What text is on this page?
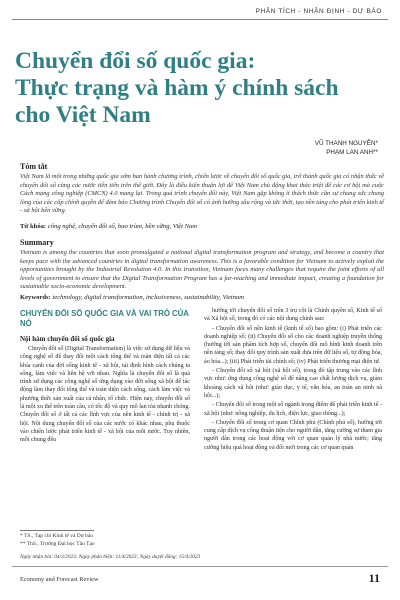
PHÂN TÍCH - NHẬN ĐỊNH - DỰ BÁO
Chuyển đổi số quốc gia:
Thực trạng và hàm ý chính sách
cho Việt Nam
VŨ THANH NGUYÊN*
PHẠM LAN ANH**
Tóm tắt

Việt Nam là một trong những quốc gia sớm ban hành chương trình, chiến lược về chuyển đổi số quốc gia, trở thành quốc gia có nhận thức về chuyển đổi số cùng các nước tiên tiến trên thế giới. Đây là điều kiện thuận lợi để Việt Nam chủ động khai thác triệt để các cơ hội mà cuộc Cách mạng công nghiệp (CMCN) 4.0 mang lại. Trong quá trình chuyển đổi này, Việt Nam gặp không ít thách thức cần sự chung sức chung lòng của các cấp chính quyền để đảm bảo Chương trình Chuyển đổi số có ảnh hưởng sâu rộng và tức thời, tạo nền tảng cho phát triển kinh tế - xã hội bền vững.

Từ khóa: công nghệ, chuyển đổi số, bao trùm, bền vững, Việt Nam
Summary

Vietnam is among the countries that soon promulgated a national digital transformation program and strategy, and become a country that keeps pace with the advanced countries in digital transformation awareness. This is a favorable condition for Vietnam to actively exploit the opportunities brought by the Industrial Revolution 4.0. In this transition, Vietnam faces many challenges that require the joint efforts of all levels of government to ensure that the Digital Transformation Program has a far-reaching and immediate impact, creating a foundation for sustainable socio-economic development.

Keywords: technology, digital transformation, inclusiveness, sustainability, Vietnam
CHUYỂN ĐỔI SỐ QUỐC GIA VÀ VAI TRÒ CỦA NÓ
Nội hàm chuyển đổi số quốc gia

Chuyển đổi số (Digital Transformation) là việc sử dụng dữ liệu và công nghệ số để thay đổi một cách tổng thể và toàn diện tất cả các khía cạnh của đời sống kinh tế - xã hội, tái định hình cách chúng ta sống, làm việc và liên hệ với nhau. Nghĩa là chuyển đổi số là quá trình sử dụng các công nghệ số ứng dụng vào đời sống xã hội để tác động làm thay đổi tổng thể và toàn diện cách sống, cách làm việc và phương thức sản xuất của cá nhân, tổ chức. Hiện nay, chuyển đổi số là một xu thế trên toàn cầu, có tốc độ và quy mô lan tỏa nhanh chóng. Chuyển đổi số ở tất cả các lĩnh vực của nền kinh tế - chính trị - xã hội. Nội dung chuyển đổi số của các nước có khác nhau, phụ thuộc vào chiến lược phát triển kinh tế - xã hội của mỗi nước. Tuy nhiên, mỗi chung đều

hướng tới chuyển đổi số trên 3 trụ cột là Chính quyền số, Kinh tế số và Xã hội số, trong đó có các nội dung chính sau:

- Chuyển đổi số nền kinh tế (kinh tế số) bao gồm: (i) Phát triển các doanh nghiệp số; (ii) Chuyển đổi số cho các doanh nghiệp truyền thống (hướng tới sản phẩm tích hợp số, chuyển đổi mô hình kinh doanh trên nền tảng số; thay đổi quy trình sản xuất dựa trên dữ liệu số, tự động hóa, ảo hóa...); (iii) Phát triển tài chính số; (iv) Phát triển thương mại điện tử.

- Chuyển đổi số xã hội (xã hội số), trong đó tập trung vào các lĩnh vực như: ứng dụng công nghệ số để nâng cao chất lượng dịch vụ, giảm khoảng cách xã hội (như: giáo dục, y tế, văn hóa, an toàn an ninh xã hội...);

- Chuyển đổi số trong một số ngành trọng điểm để phát triển kinh tế - xã hội (như: nông nghiệp, du lịch, điện lực, giao thông...);

- Chuyển đổi số trong cơ quan Chính phủ (Chính phủ số), hướng tới cung cấp dịch vụ công thuận tiện cho người dân, tăng cường sự tham gia người dân trong các hoạt động với cơ quan quản lý nhà nước; tăng cường hiệu quả hoạt động và đổi mới trong các cơ quan quản

* TS., Tạp chí Kinh tế và Dự báo
** ThS., Trường Đại học Tân Tạo
Ngày nhận bài: 04/3/2023; Ngày phản biện: 11/4/2023; Ngày duyệt đăng: 15/4/2023
Economy and Forecast Review	11
